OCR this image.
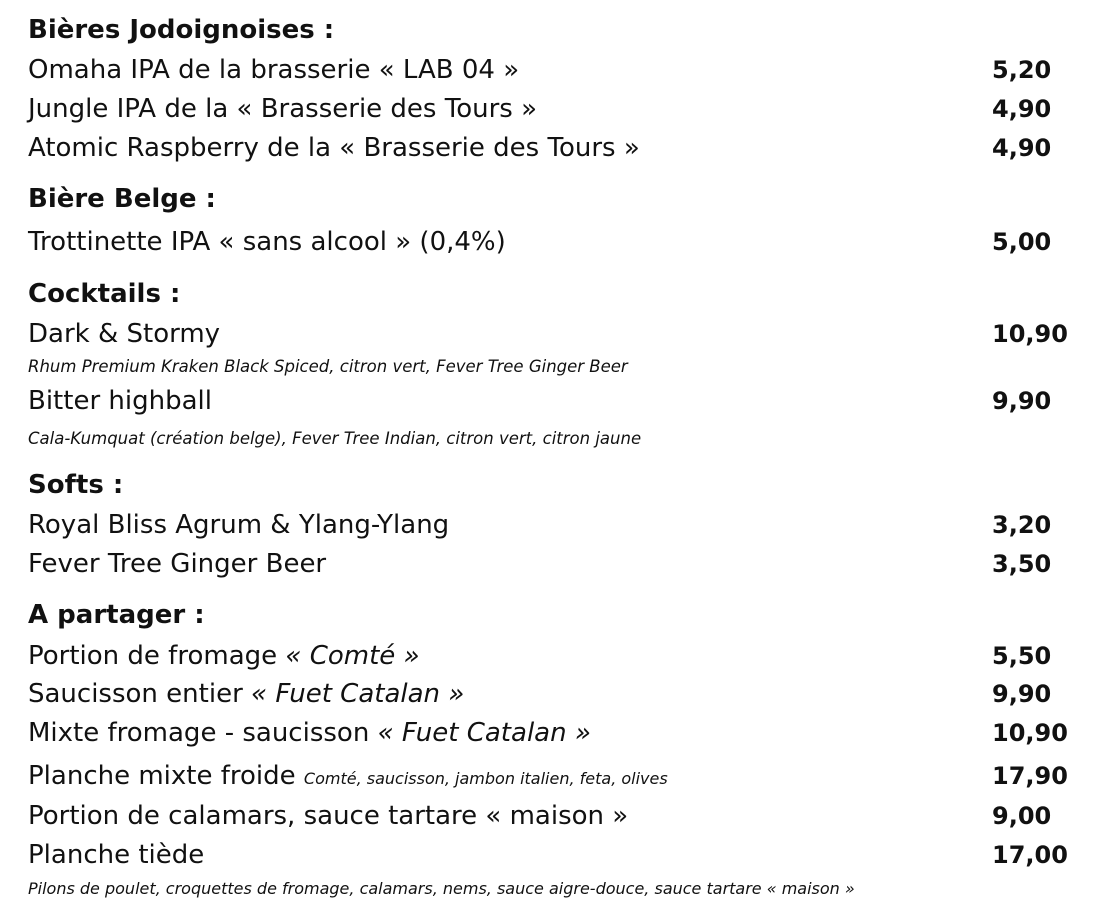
Bières Jodoignoises :
Omaha IPA de la brasserie « LAB 04 »	5,20
Jungle IPA de la « Brasserie des Tours »	4,90
Atomic Raspberry de la « Brasserie des Tours »	4,90
Bière Belge :
Trottinette IPA « sans alcool » (0,4%)	5,00
Cocktails :
Dark & Stormy	10,90
Rhum Premium Kraken Black Spiced, citron vert, Fever Tree Ginger Beer
Bitter highball	9,90
Cala-Kumquat (création belge), Fever Tree Indian, citron vert, citron jaune
Softs :
Royal Bliss Agrum & Ylang-Ylang	3,20
Fever Tree Ginger Beer	3,50
A partager :
Portion de fromage « Comté »	5,50
Saucisson entier « Fuet Catalan »	9,90
Mixte fromage - saucisson « Fuet Catalan »	10,90
Planche mixte froide Comté, saucisson, jambon italien, feta, olives	17,90
Portion de calamars, sauce tartare « maison »	9,00
Planche tiède	17,00
Pilons de poulet, croquettes de fromage, calamars, nems, sauce aigre-douce, sauce tartare « maison »
